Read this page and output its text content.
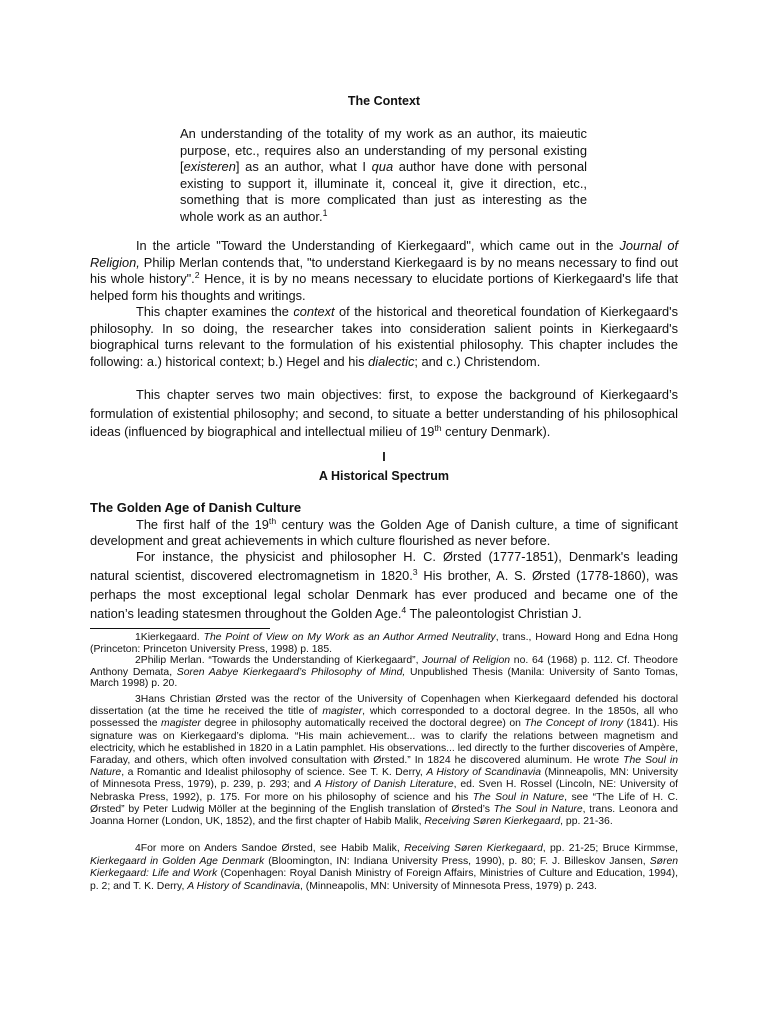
The Context
An understanding of the totality of my work as an author, its maieutic purpose, etc., requires also an understanding of my personal existing [existeren] as an author, what I qua author have done with personal existing to support it, illuminate it, conceal it, give it direction, etc., something that is more complicated than just as interesting as the whole work as an author.$^1$
In the article "Toward the Understanding of Kierkegaard", which came out in the Journal of Religion, Philip Merlan contends that, "to understand Kierkegaard is by no means necessary to find out his whole history".$^2$ Hence, it is by no means necessary to elucidate portions of Kierkegaard's life that helped form his thoughts and writings.
This chapter examines the context of the historical and theoretical foundation of Kierkegaard's philosophy. In so doing, the researcher takes into consideration salient points in Kierkegaard's biographical turns relevant to the formulation of his existential philosophy. This chapter includes the following: a.) historical context; b.) Hegel and his dialectic; and c.) Christendom.
This chapter serves two main objectives: first, to expose the background of Kierkegaard’s formulation of existential philosophy; and second, to situate a better understanding of his philosophical ideas (influenced by biographical and intellectual milieu of 19th century Denmark).
I
A Historical Spectrum
The Golden Age of Danish Culture
The first half of the 19th century was the Golden Age of Danish culture, a time of significant development and great achievements in which culture flourished as never before.
For instance, the physicist and philosopher H. C. Ørsted (1777-1851), Denmark's leading natural scientist, discovered electromagnetism in 1820.$^3$ His brother, A. S. Ørsted (1778-1860), was perhaps the most exceptional legal scholar Denmark has ever produced and became one of the nation’s leading statesmen throughout the Golden Age.$^4$ The paleontologist Christian J.
1Kierkegaard. The Point of View on My Work as an Author Armed Neutrality, trans., Howard Hong and Edna Hong (Princeton: Princeton University Press, 1998) p. 185.
2Philip Merlan. “Towards the Understanding of Kierkegaard”, Journal of Religion no. 64 (1968) p. 112. Cf. Theodore Anthony Demata, Soren Aabye Kierkegaard’s Philosophy of Mind, Unpublished Thesis (Manila: University of Santo Tomas, March 1998) p. 20.
3Hans Christian Ørsted was the rector of the University of Copenhagen when Kierkegaard defended his doctoral dissertation (at the time he received the title of magister, which corresponded to a doctoral degree. In the 1850s, all who possessed the magister degree in philosophy automatically received the doctoral degree) on The Concept of Irony (1841). His signature was on Kierkegaard’s diploma. “His main achievement... was to clarify the relations between magnetism and electricity, which he established in 1820 in a Latin pamphlet. His observations... led directly to the further discoveries of Ampère, Faraday, and others, which often involved consultation with Ørsted.” In 1824 he discovered aluminum. He wrote The Soul in Nature, a Romantic and Idealist philosophy of science. See T. K. Derry, A History of Scandinavia (Minneapolis, MN: University of Minnesota Press, 1979), p. 239, p. 293; and A History of Danish Literature, ed. Sven H. Rossel (Lincoln, NE: University of Nebraska Press, 1992), p. 175. For more on his philosophy of science and his The Soul in Nature, see “The Life of H. C. Ørsted” by Peter Ludwig Möller at the beginning of the English translation of Ørsted’s The Soul in Nature, trans. Leonora and Joanna Horner (London, UK, 1852), and the first chapter of Habib Malik, Receiving Søren Kierkegaard, pp. 21-36.
4For more on Anders Sandoe Ørsted, see Habib Malik, Receiving Søren Kierkegaard, pp. 21-25; Bruce Kirmmse, Kierkegaard in Golden Age Denmark (Bloomington, IN: Indiana University Press, 1990), p. 80; F. J. Billeskov Jansen, Søren Kierkegaard: Life and Work (Copenhagen: Royal Danish Ministry of Foreign Affairs, Ministries of Culture and Education, 1994), p. 2; and T. K. Derry, A History of Scandinavia, (Minneapolis, MN: University of Minnesota Press, 1979) p. 243.
